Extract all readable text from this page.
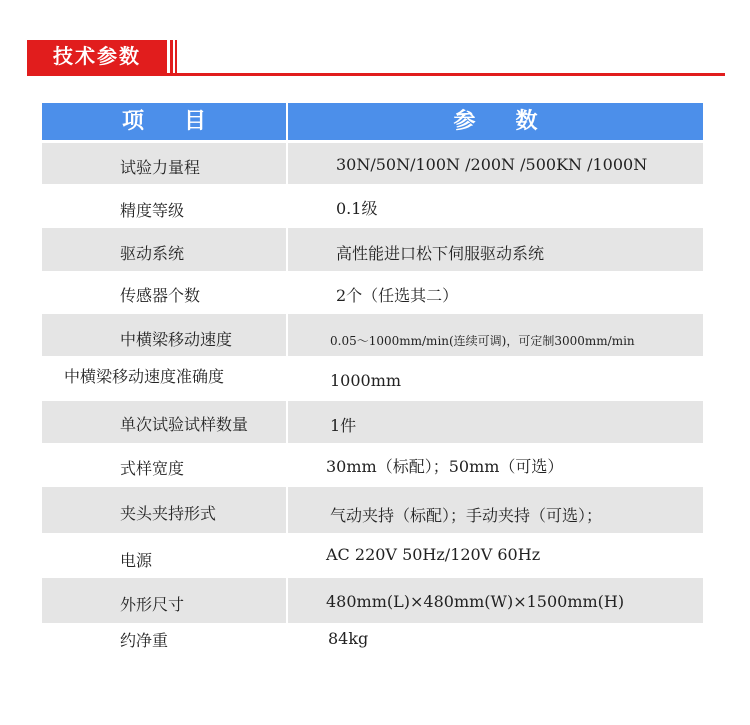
技术参数
项目	参数
试验力量程	30N/50N/100N /200N /500KN /1000N
精度等级	0.1级
驱动系统	高性能进口松下伺服驱动系统
传感器个数	2个（任选其二）
中横梁移动速度	0.05～1000mm/min(连续可调)，可定制3000mm/min
中横梁移动速度准确度	1000mm
单次试验试样数量	1件
式样宽度	30mm（标配）；50mm（可选）
夹头夹持形式	气动夹持（标配）；手动夹持（可选）；
电源	AC 220V 50Hz/120V 60Hz
外形尺寸	480mm(L)×480mm(W)×1500mm(H)
约净重	84kg
